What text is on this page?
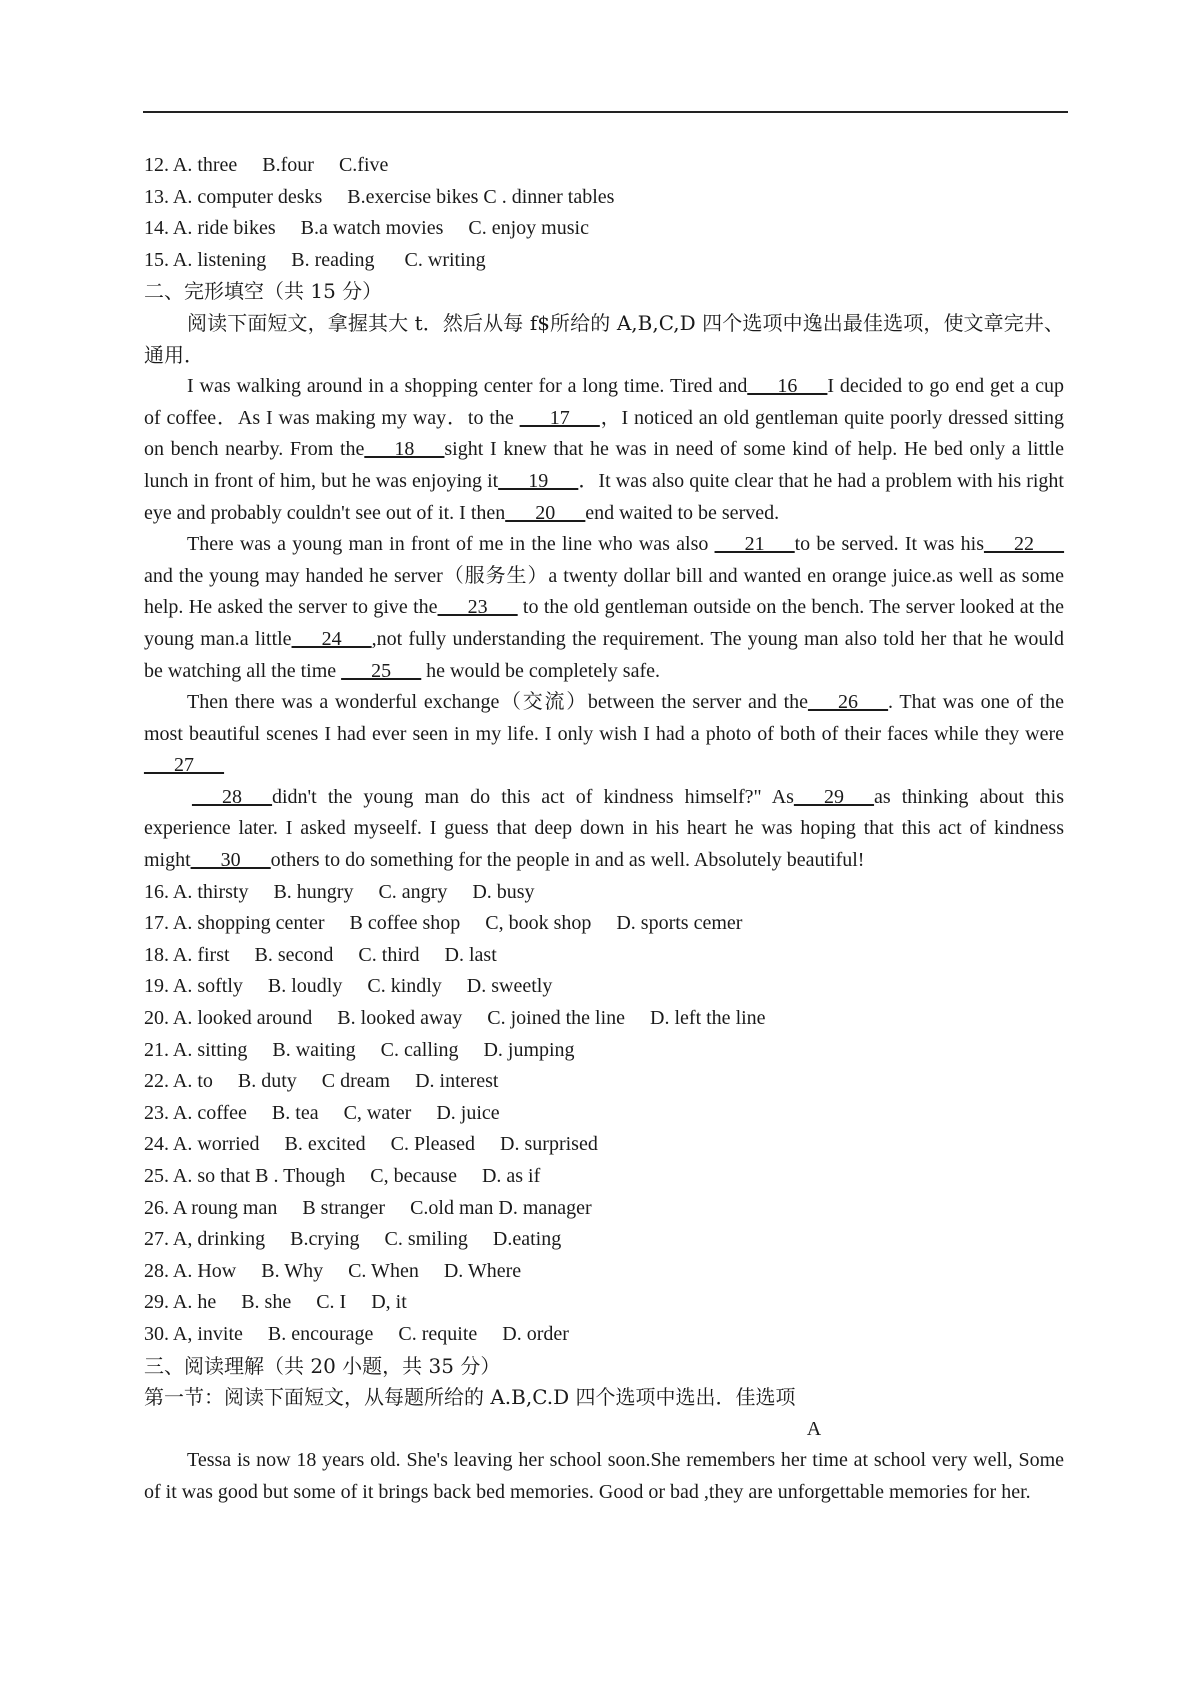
12. A. three     B.four     C.five
13. A. computer desks     B.exercise bikes C . dinner tables
14. A. ride bikes     B.a watch movies     C. enjoy music
15. A. listening     B. reading      C. writing
二、完形填空（共 15 分）
阅读下面短文，拿握其大 t．然后从每 f$所给的 A,B,C,D 四个选项中逸出最佳选项，使文章完井、通用．
I was walking around in a shopping center for a long time. Tired and___16___I decided to go end get a cup of coffee．As I was making my way．to the ___17___，I noticed an old gentleman quite poorly dressed sitting on bench nearby. From the___18___sight I knew that he was in need of some kind of help. He bed only a little lunch in front of him, but he was enjoying it___19___．It was also quite clear that he had a problem with his right eye and probably couldn't see out of it. I then___20___end waited to be served.
There was a young man in front of me in the line who was also ___21___to be served. It was his___22___ and the young may handed he server（服务生）a twenty dollar bill and wanted en orange juice.as well as some help. He asked the server to give the___23___ to the old gentleman outside on the bench. The server looked at the young man.a little___24___,not fully understanding the requirement. The young man also told her that he would be watching all the time ___25___ he would be completely safe.
Then there was a wonderful exchange（交流）between the server and the___26___. That was one of the most beautiful scenes I had ever seen in my life. I only wish I had a photo of both of their faces while they were ___27___
___28___didn't the young man do this act of kindness himself?" As___29___as thinking about this experience later. I asked myseelf. I guess that deep down in his heart he was hoping that this act of kindness might___30___others to do something for the people in and as well. Absolutely beautiful!
16. A. thirsty     B. hungry     C. angry     D. busy
17. A. shopping center     B coffee shop     C, book shop     D. sports cemer
18. A. first     B. second     C. third     D. last
19. A. softly     B. loudly     C. kindly     D. sweetly
20. A. looked around     B. looked away     C. joined the line     D. left the line
21. A. sitting     B. waiting     C. calling     D. jumping
22. A. to     B. duty     C dream     D. interest
23. A. coffee     B. tea     C, water     D. juice
24. A. worried     B. excited     C. Pleased     D. surprised
25. A. so that B . Though     C, because     D. as if
26. A roung man     B stranger     C.old man D. manager
27. A, drinking     B.crying     C. smiling     D.eating
28. A. How     B. Why     C. When     D. Where
29. A. he     B. she     C. I     D, it
30. A, invite     B. encourage     C. requite     D. order
三、阅读理解（共 20 小题，共 35 分）
第一节：阅读下面短文，从每题所给的 A.B,C.D 四个选项中选出．佳选项
A
Tessa is now 18 years old. She's leaving her school soon.She remembers her time at school very well, Some of it was good but some of it brings back bed memories. Good or bad ,they are unforgettable memories for her.
